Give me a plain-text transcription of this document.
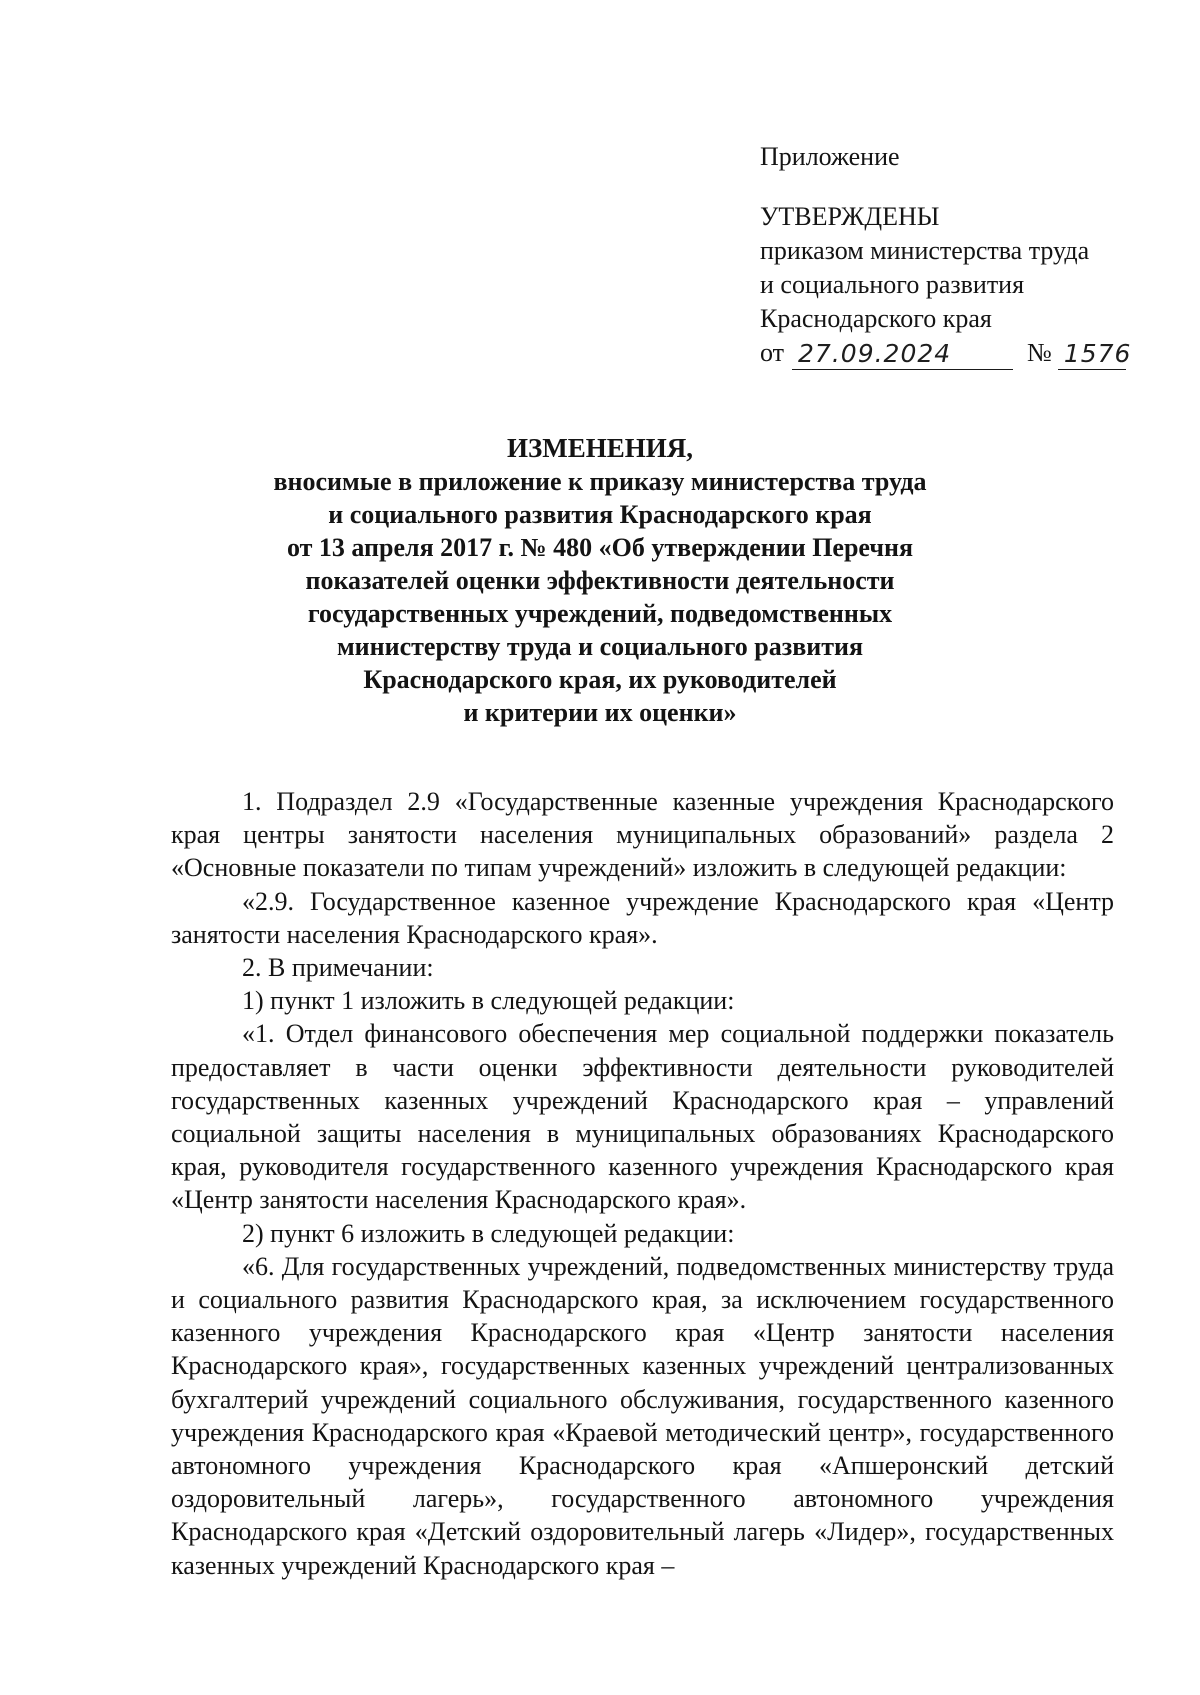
Приложение
УТВЕРЖДЕНЫ
приказом министерства труда
и социального развития
Краснодарского края
от 27.09.2024	№ 1576
ИЗМЕНЕНИЯ,
вносимые в приложение к приказу министерства труда
и социального развития Краснодарского края
от 13 апреля 2017 г. № 480 «Об утверждении Перечня
показателей оценки эффективности деятельности
государственных учреждений, подведомственных
министерству труда и социального развития
Краснодарского края, их руководителей
и критерии их оценки»

1. Подраздел 2.9 «Государственные казенные учреждения Краснодарского края центры занятости населения муниципальных образований» раздела 2 «Основные показатели по типам учреждений» изложить в следующей редакции:

«2.9. Государственное казенное учреждение Краснодарского края «Центр занятости населения Краснодарского края».

2. В примечании:

1) пункт 1 изложить в следующей редакции:

«1. Отдел финансового обеспечения мер социальной поддержки показатель предоставляет в части оценки эффективности деятельности руководителей государственных казенных учреждений Краснодарского края – управлений социальной защиты населения в муниципальных образованиях Краснодарского края, руководителя государственного казенного учреждения Краснодарского края «Центр занятости населения Краснодарского края».

2) пункт 6 изложить в следующей редакции:

«6. Для государственных учреждений, подведомственных министерству труда и социального развития Краснодарского края, за исключением государственного казенного учреждения Краснодарского края «Центр занятости населения Краснодарского края», государственных казенных учреждений централизованных бухгалтерий учреждений социального обслуживания, государственного казенного учреждения Краснодарского края «Краевой методический центр», государственного автономного учреждения Краснодарского края «Апшеронский детский оздоровительный лагерь», государственного автономного учреждения Краснодарского края «Детский оздоровительный лагерь «Лидер», государственных казенных учреждений Краснодарского края –
